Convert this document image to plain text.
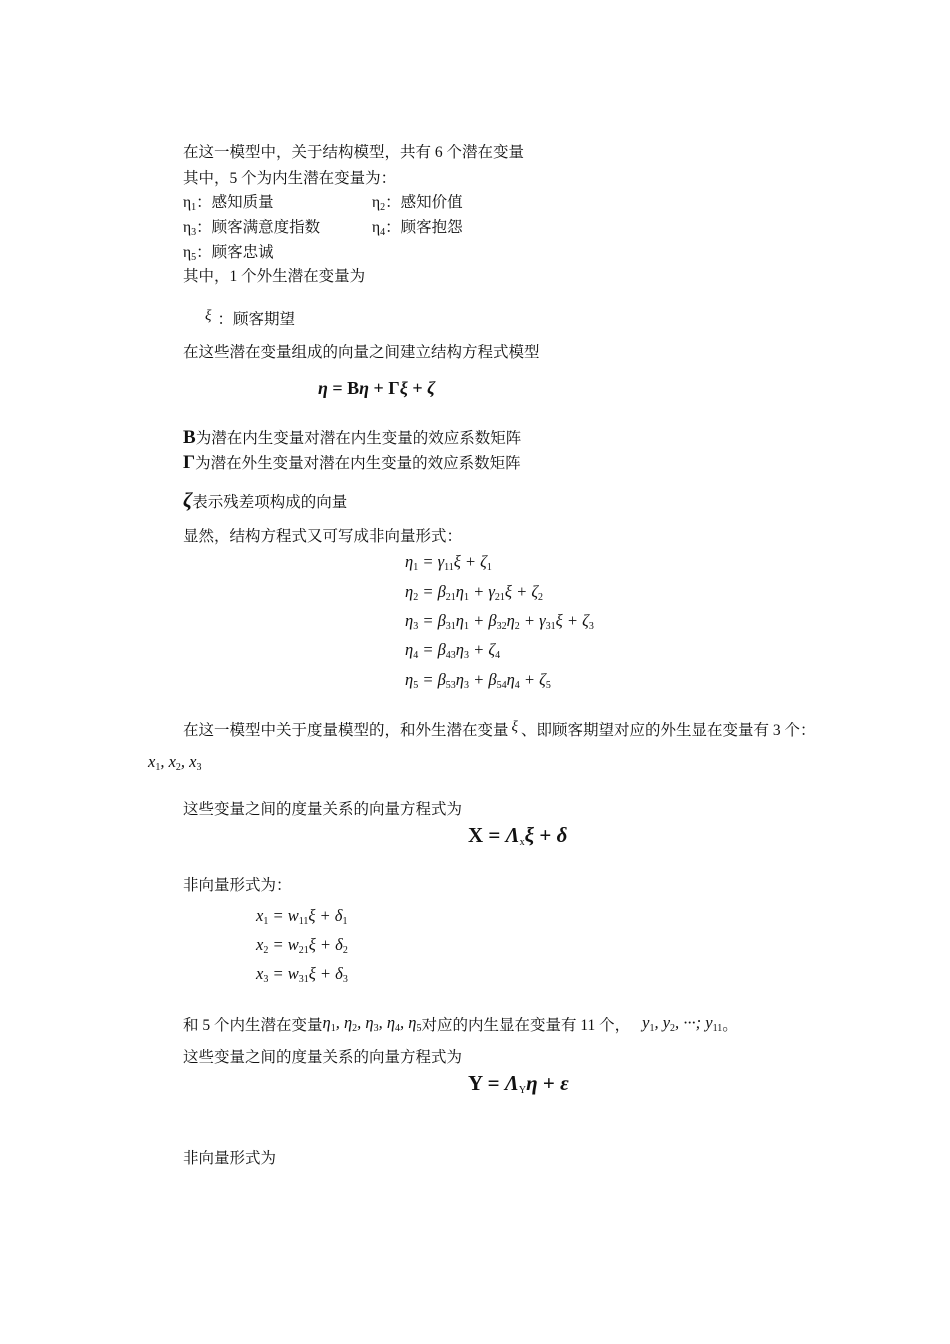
在这一模型中，关于结构模型，共有 6 个潜在变量
其中，5 个为内生潜在变量为：
$\eta_1$：感知质量	$\eta_2$：感知价值
$\eta_3$：顾客满意度指数	$\eta_4$：顾客抱怨
$\eta_5$：顾客忠诚
其中，1 个外生潜在变量为
ξ ：顾客期望
在这些潜在变量组成的向量之间建立结构方程式模型
η = Bη + Γξ + ζ
B为潜在内生变量对潜在内生变量的效应系数矩阵
Γ为潜在外生变量对潜在内生变量的效应系数矩阵
ζ表示残差项构成的向量
显然，结构方程式又可写成非向量形式：
$\eta_1 = \gamma_{11}\xi + \zeta_1$
$\eta_2 = \beta_{21}\eta_1 + \gamma_{21}\xi + \zeta_2$
$\eta_3 = \beta_{31}\eta_1 + \beta_{32}\eta_2 + \gamma_{31}\xi + \zeta_3$
$\eta_4 = \beta_{43}\eta_3 + \zeta_4$
$\eta_5 = \beta_{53}\eta_3 + \beta_{54}\eta_4 + \zeta_5$
在这一模型中关于度量模型的，和外生潜在变量 ξ 、即顾客期望对应的外生显在变量有 3 个：
$x_1$, $x_2$, $x_3$
这些变量之间的度量关系的向量方程式为
$X = \Lambda_x\xi + \delta$
非向量形式为：
$x_1 = w_{11}\xi + \delta_1$
$x_2 = w_{21}\xi + \delta_2$
$x_3 = w_{31}\xi + \delta_3$
和 5 个内生潜在变量$\eta_1$, $\eta_2$, $\eta_3$, $\eta_4$, $\eta_5$对应的内生显在变量有 11 个， $y_1$, $y_2$, ···; $y_{11}$。
这些变量之间的度量关系的向量方程式为
$Y = \Lambda_Y\eta + \varepsilon$
非向量形式为
